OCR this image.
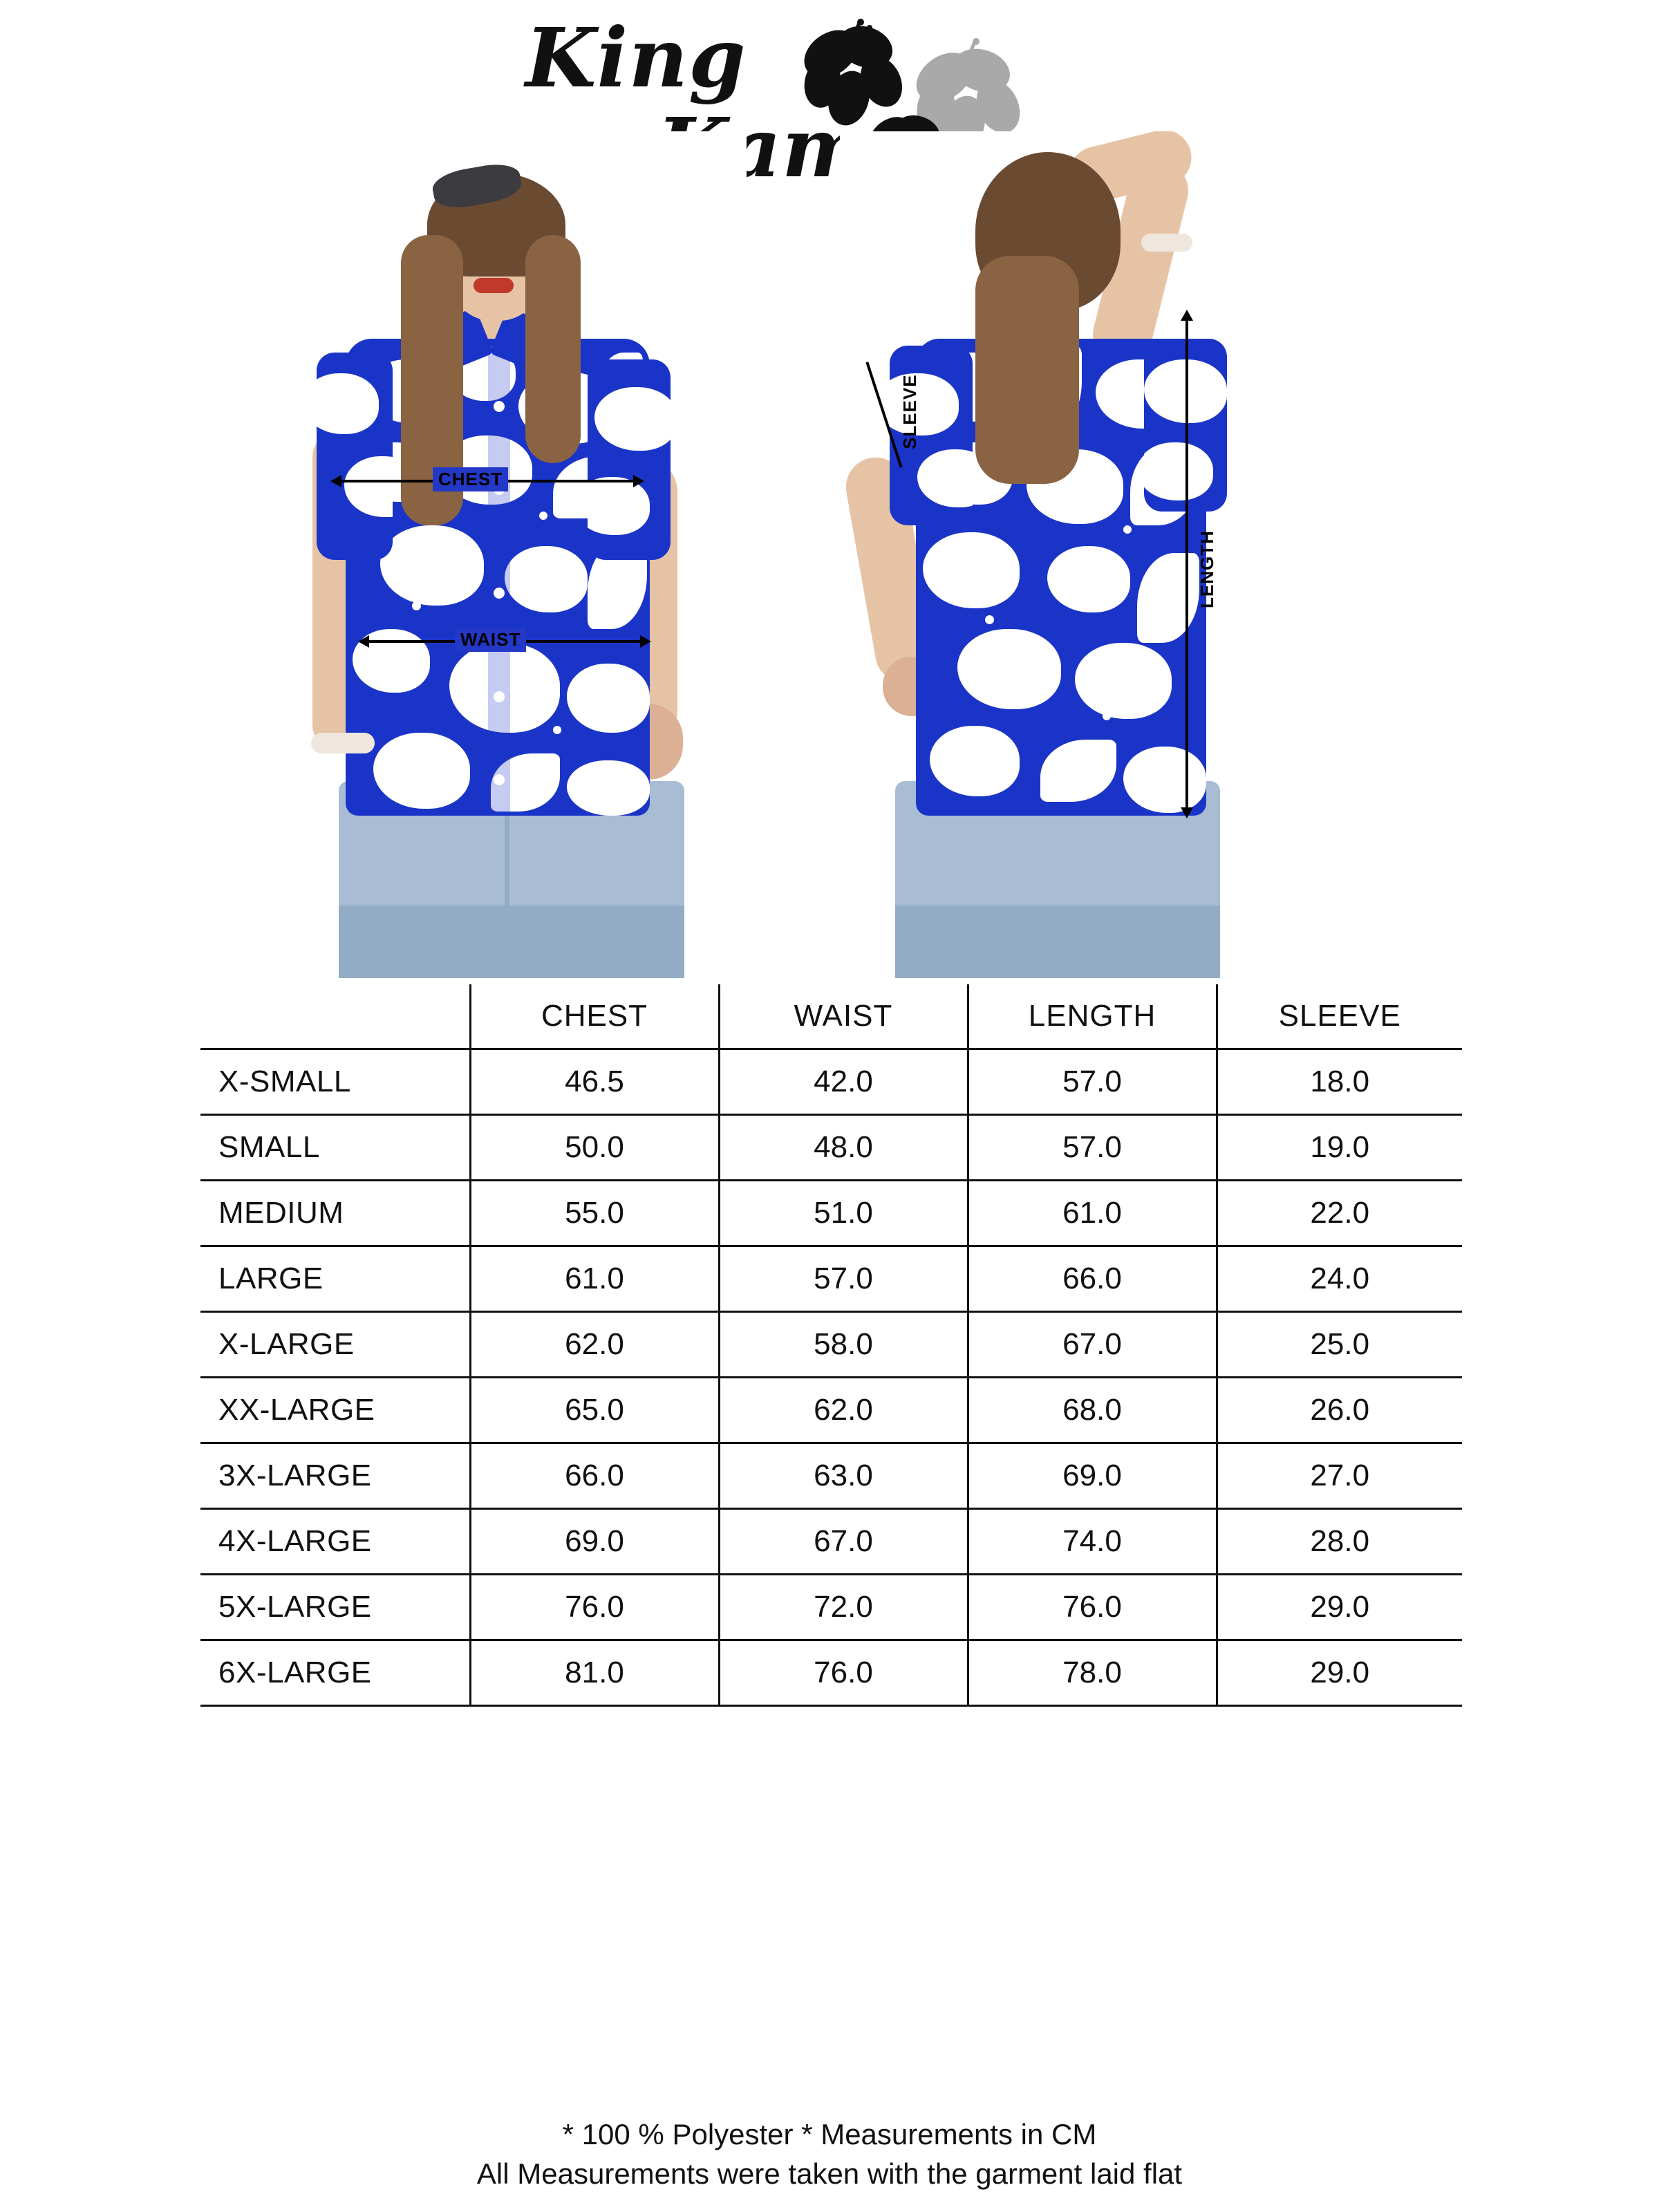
King
CHEST
WAIST
SLEEVE
LENGTH
	CHEST	WAIST	LENGTH	SLEEVE
X-SMALL	46.5	42.0	57.0	18.0
SMALL	50.0	48.0	57.0	19.0
MEDIUM	55.0	51.0	61.0	22.0
LARGE	61.0	57.0	66.0	24.0
X-LARGE	62.0	58.0	67.0	25.0
XX-LARGE	65.0	62.0	68.0	26.0
3X-LARGE	66.0	63.0	69.0	27.0
4X-LARGE	69.0	67.0	74.0	28.0
5X-LARGE	76.0	72.0	76.0	29.0
6X-LARGE	81.0	76.0	78.0	29.0
* 100 % Polyester * Measurements in CM
All Measurements were taken with the garment laid flat
